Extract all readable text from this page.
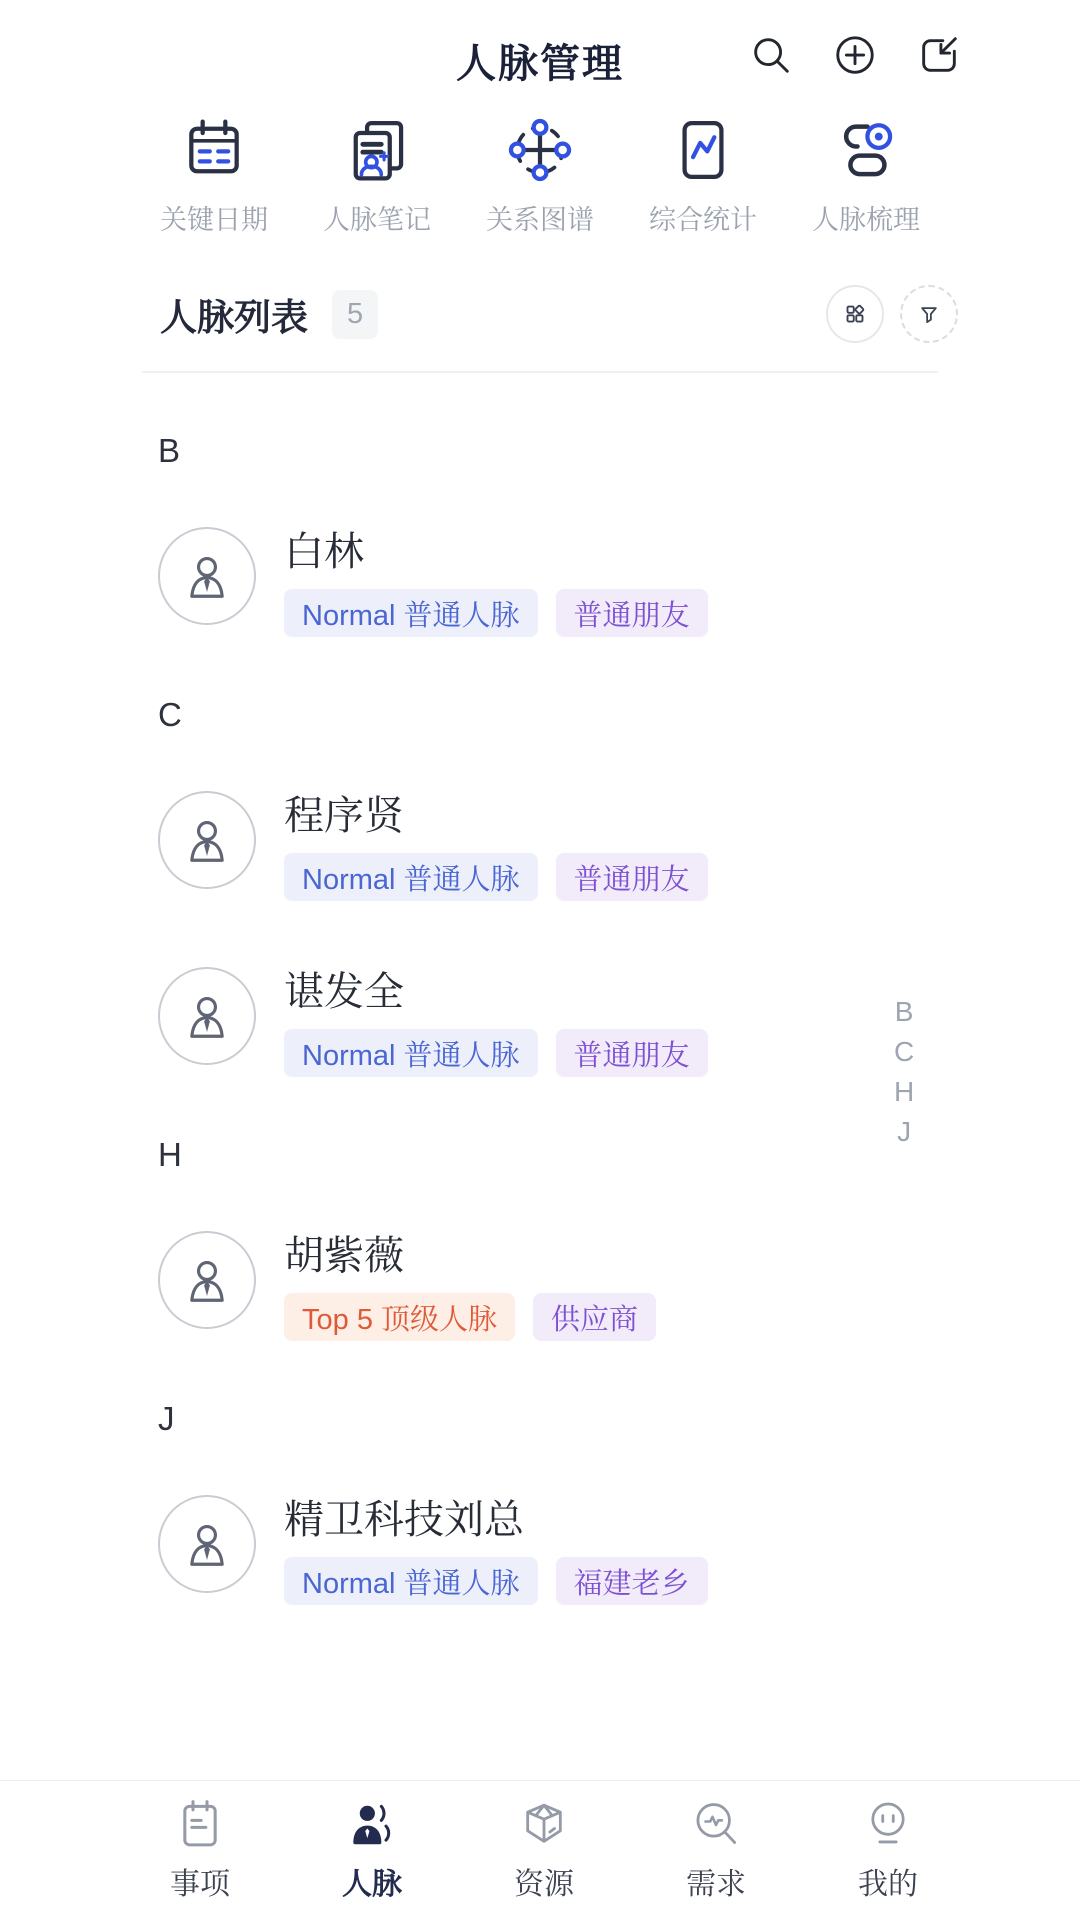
人脉管理
关键日期 人脉笔记 关系图谱 综合统计 人脉梳理
人脉列表	5
B
白林
Normal 普通人脉	普通朋友
C
程序贤
Normal 普通人脉	普通朋友
谌发全
Normal 普通人脉	普通朋友
H
胡紫薇
Top 5 顶级人脉	供应商
J
精卫科技刘总
Normal 普通人脉	福建老乡
B
C
H
J
事项	人脉	资源	需求	我的
